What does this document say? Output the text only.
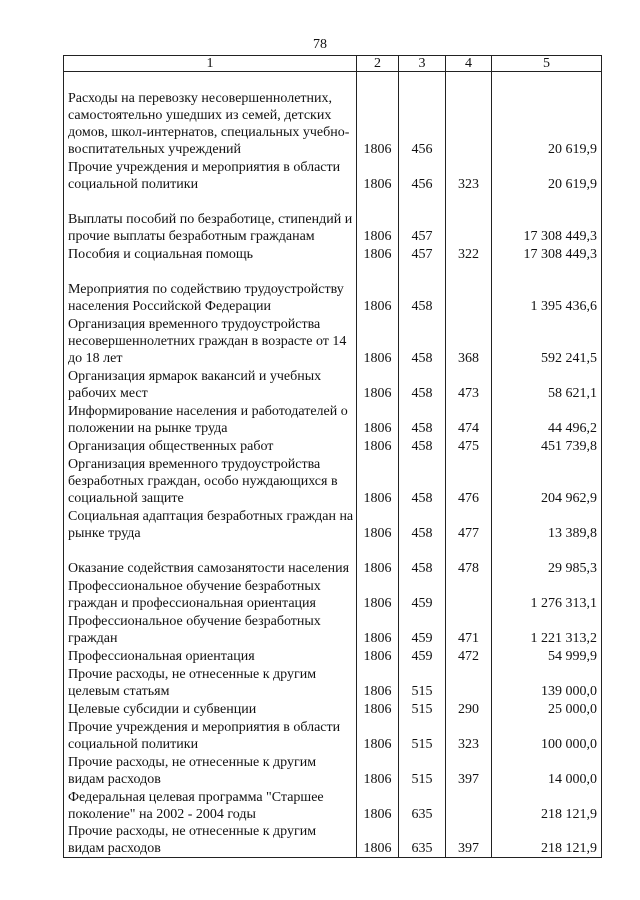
78
1	2	3	4	5
Расходы на перевозку несовершеннолетних, самостоятельно ушедших из семей, детских домов, школ-интернатов, специальных учебно-воспитательных учреждений	1806	456		20 619,9
Прочие учреждения и мероприятия в области социальной политики	1806	456	323	20 619,9
Выплаты пособий по безработице, стипендий и прочие выплаты безработным гражданам	1806	457		17 308 449,3
Пособия и социальная помощь	1806	457	322	17 308 449,3
Мероприятия по содействию трудоустройству населения Российской Федерации	1806	458		1 395 436,6
Организация временного трудоустройства несовершеннолетних граждан в возрасте от 14 до 18 лет	1806	458	368	592 241,5
Организация ярмарок вакансий и учебных рабочих мест	1806	458	473	58 621,1
Информирование населения и работодателей о положении на рынке труда	1806	458	474	44 496,2
Организация общественных работ	1806	458	475	451 739,8
Организация временного трудоустройства безработных граждан, особо нуждающихся в социальной защите	1806	458	476	204 962,9
Социальная адаптация безработных граждан на рынке труда	1806	458	477	13 389,8
Оказание содействия самозанятости населения	1806	458	478	29 985,3
Профессиональное обучение безработных граждан и профессиональная ориентация	1806	459		1 276 313,1
Профессиональное обучение безработных граждан	1806	459	471	1 221 313,2
Профессиональная ориентация	1806	459	472	54 999,9
Прочие расходы, не отнесенные к другим целевым статьям	1806	515		139 000,0
Целевые субсидии и субвенции	1806	515	290	25 000,0
Прочие учреждения и мероприятия в области социальной политики	1806	515	323	100 000,0
Прочие расходы, не отнесенные к другим видам расходов	1806	515	397	14 000,0
Федеральная целевая программа "Старшее поколение" на 2002 - 2004 годы	1806	635		218 121,9
Прочие расходы, не отнесенные к другим видам расходов	1806	635	397	218 121,9
